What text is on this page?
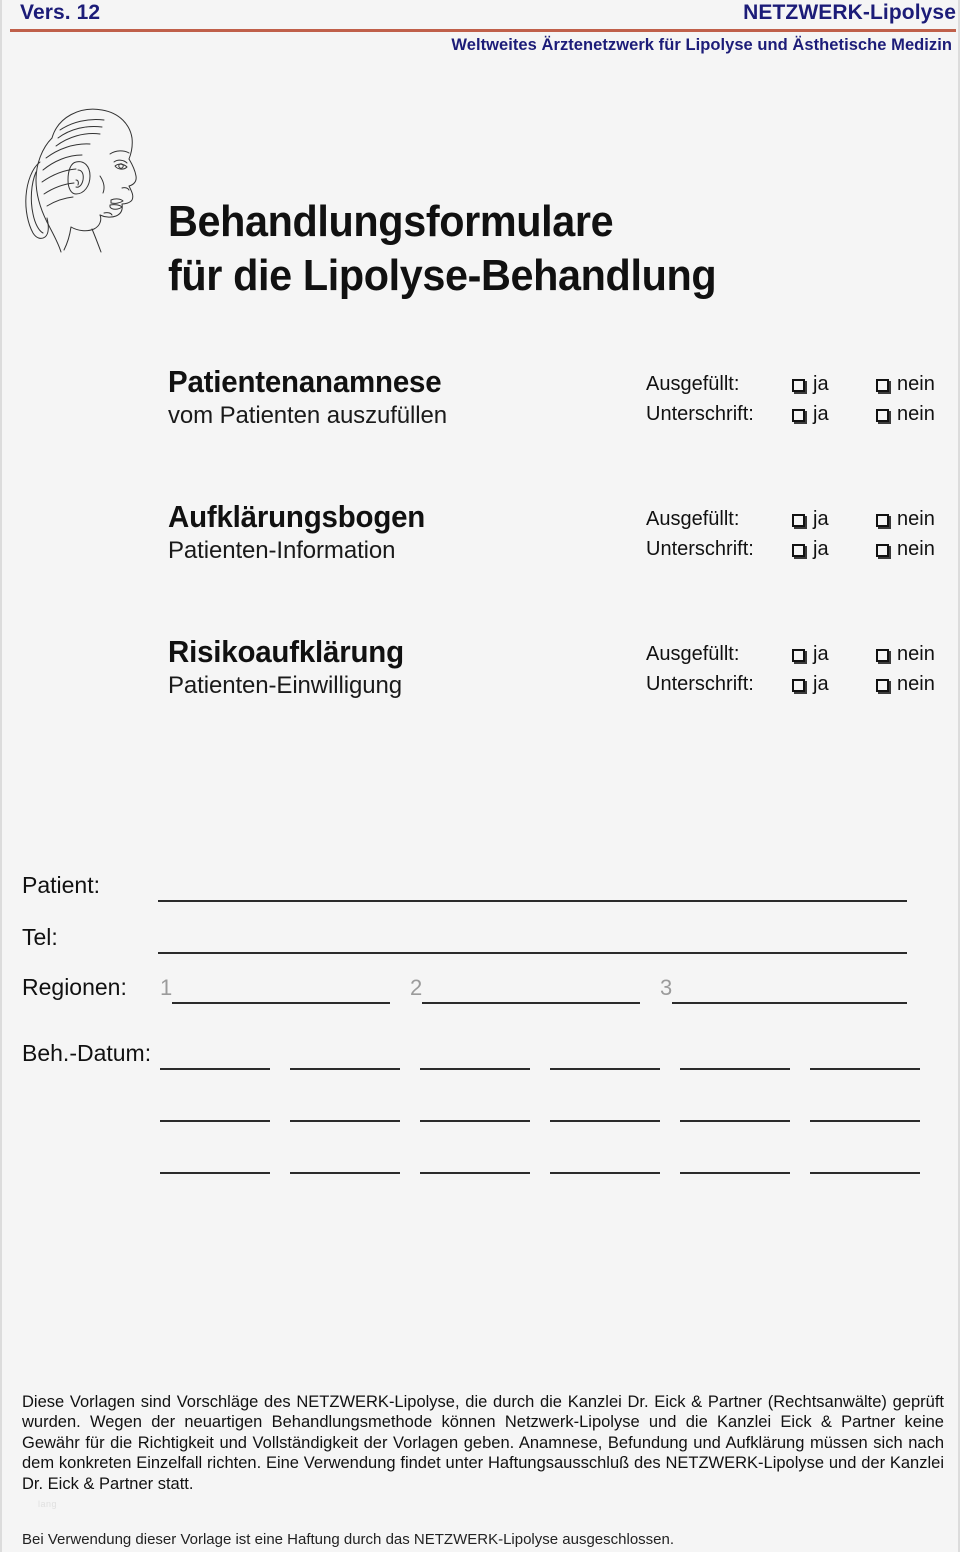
Vers. 12	NETZWERK-Lipolyse
Weltweites Ärztenetzwerk für Lipolyse und Ästhetische Medizin
Behandlungsformulare
für die Lipolyse-Behandlung
Patientenanamnese
vom Patienten auszufüllen
Ausgefüllt:	ja	nein
Unterschrift:	ja	nein
Aufklärungsbogen
Patienten-Information
Ausgefüllt:	ja	nein
Unterschrift:	ja	nein
Risikoaufklärung
Patienten-Einwilligung
Ausgefüllt:	ja	nein
Unterschrift:	ja	nein
Patient:
Tel:
Regionen: 1	2	3
Beh.-Datum:
Diese Vorlagen sind Vorschläge des NETZWERK-Lipolyse, die durch die Kanzlei Dr. Eick & Partner (Rechtsanwälte) geprüft wurden. Wegen der neuartigen Behandlungsmethode können Netzwerk-Lipolyse und die Kanzlei Eick & Partner keine Gewähr für die Richtigkeit und Vollständigkeit der Vorlagen geben. Anamnese, Befundung und Aufklärung müssen sich nach dem konkreten Einzelfall richten. Eine Verwendung findet unter Haftungsausschluß des NETZWERK-Lipolyse und der Kanzlei Dr. Eick & Partner statt.
lang
Bei Verwendung dieser Vorlage ist eine Haftung durch das NETZWERK-Lipolyse ausgeschlossen.
